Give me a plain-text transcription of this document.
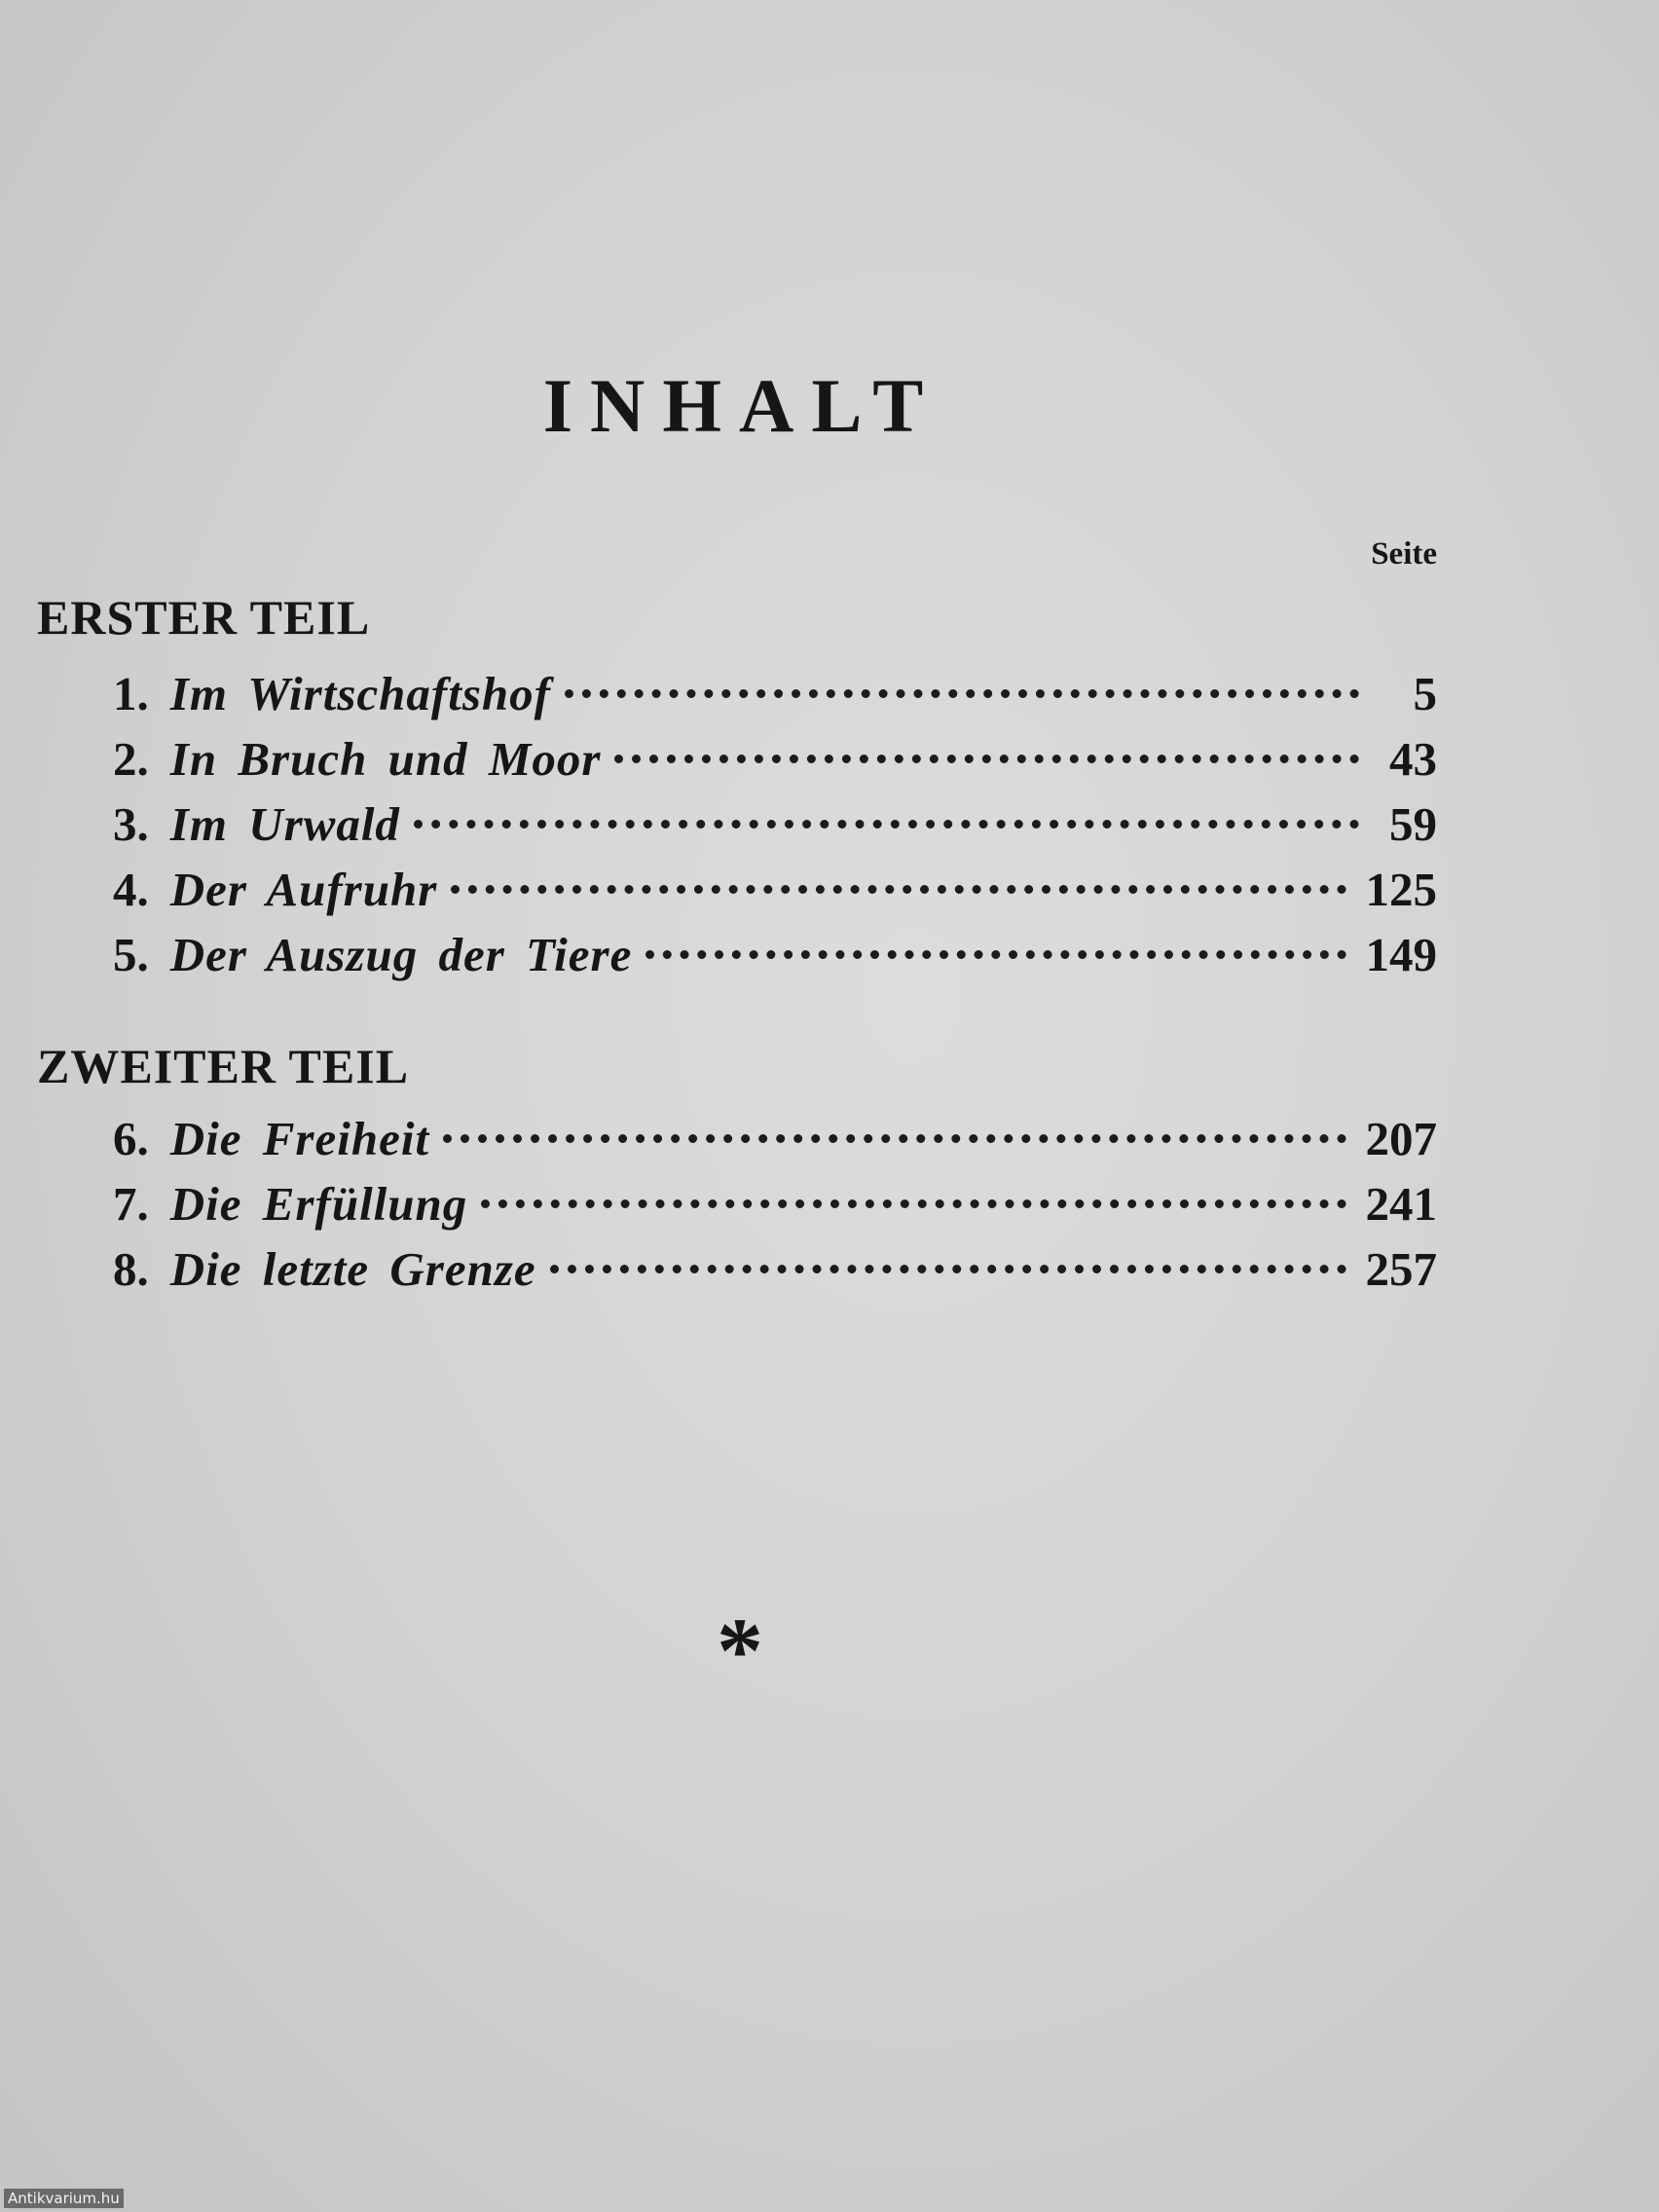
INHALT
Seite
ERSTER TEIL
1. Im Wirtschaftshof	5
2. In Bruch und Moor	43
3. Im Urwald	59
4. Der Aufruhr	125
5. Der Auszug der Tiere	149
ZWEITER TEIL
6. Die Freiheit	207
7. Die Erfüllung	241
8. Die letzte Grenze	257
*
Antikvarium.hu
